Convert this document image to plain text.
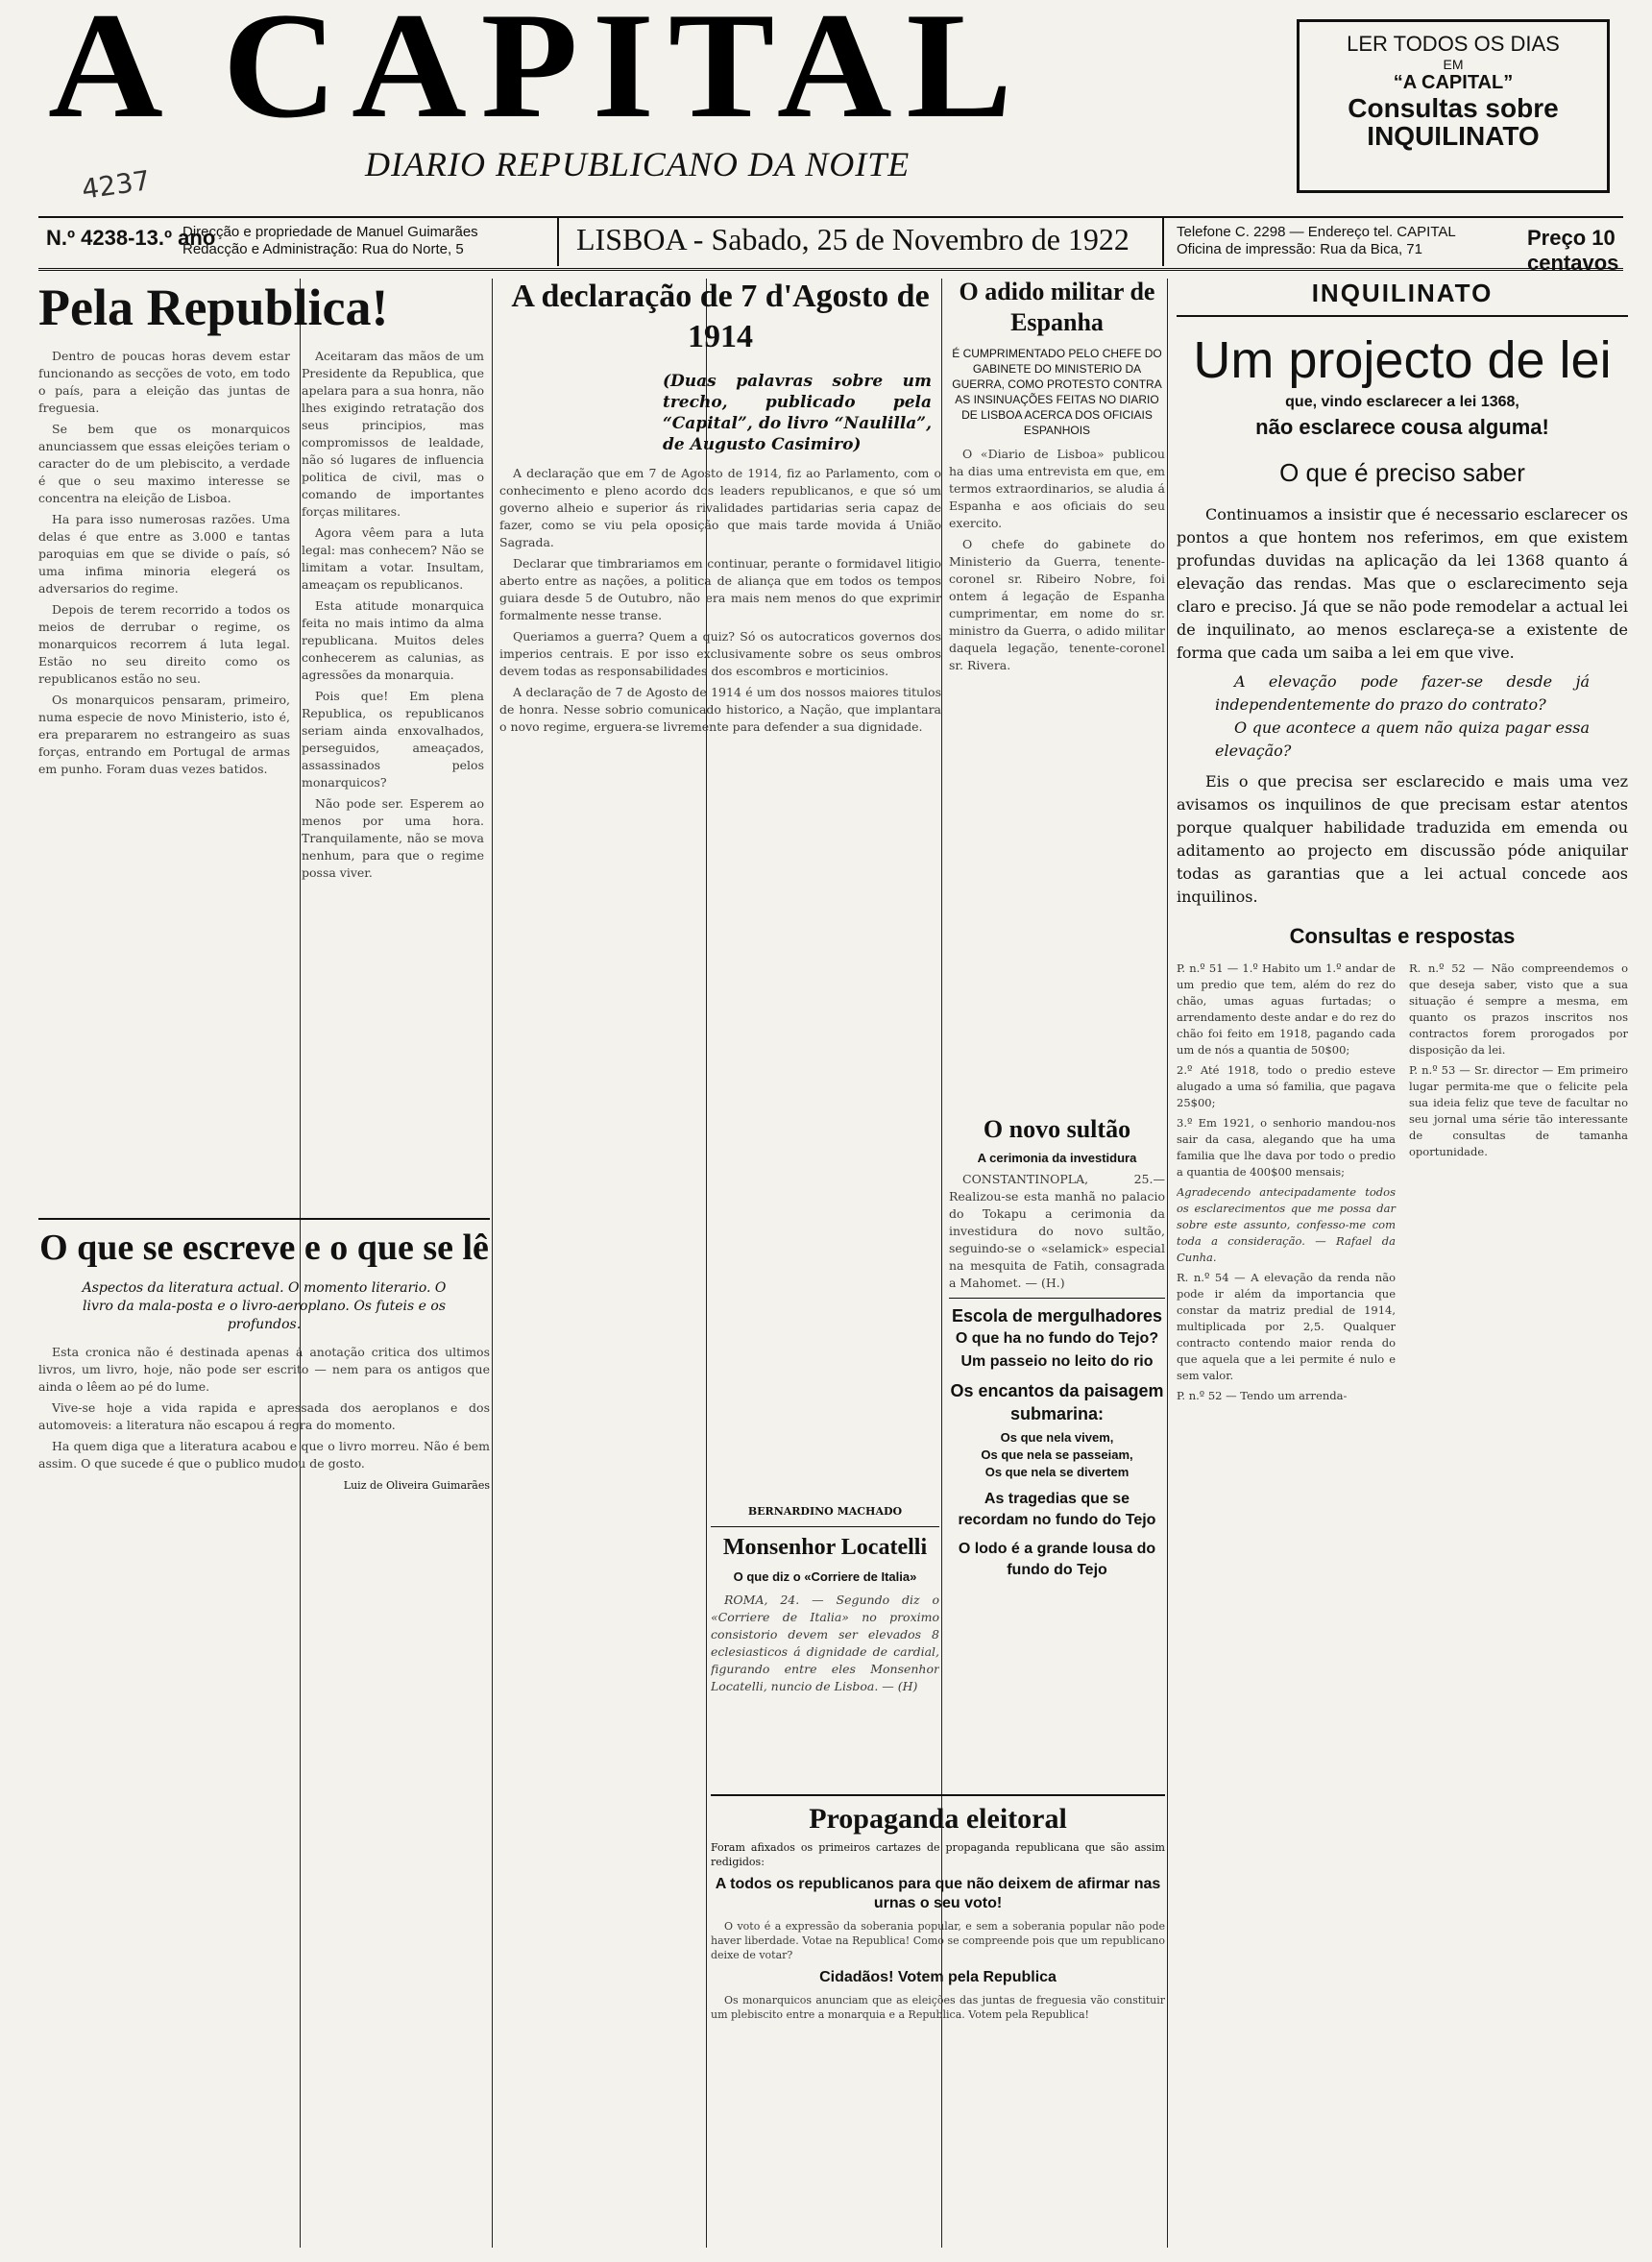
A CAPITAL
DIARIO REPUBLICANO DA NOITE
4237
LER TODOS OS DIAS
EM
“A CAPITAL”
Consultas sobre
INQUILINATO
N.º 4238-13.º ano
Direcção e propriedade de Manuel Guimarães
Redacção e Administração: Rua do Norte, 5	LISBOA - Sabado, 25 de Novembro de 1922	Telefone C. 2298 — Endereço tel. CAPITAL
Oficina de impressão: Rua da Bica, 71	Preço 10 centavos
Pela Republica!

Dentro de poucas horas devem estar funcionando as secções de voto, em todo o país, para a eleição das juntas de freguesia.

Se bem que os monarquicos anunciassem que essas eleições teriam o caracter do de um plebiscito, a verdade é que o seu maximo interesse se concentra na eleição de Lisboa.

Ha para isso numerosas razões. Uma delas é que entre as 3.000 e tantas paroquias em que se divide o país, só uma infima minoria elegerá os adversarios do regime.

Depois de terem recorrido a todos os meios de derrubar o regime, os monarquicos recorrem á luta legal. Estão no seu direito como os republicanos estão no seu.

Os monarquicos pensaram, primeiro, numa especie de novo Ministerio, isto é, era prepararem no estrangeiro as suas forças, entrando em Portugal de armas em punho. Foram duas vezes batidos.

Aceitaram das mãos de um Presidente da Republica, que apelara para a sua honra, não lhes exigindo retratação dos seus principios, mas compromissos de lealdade, não só lugares de influencia politica de civil, mas o comando de importantes forças militares.

Agora vêem para a luta legal: mas conhecem? Não se limitam a votar. Insultam, ameaçam os republicanos.

Esta atitude monarquica feita no mais intimo da alma republicana. Muitos deles conhecerem as calunias, as agressões da monarquia.

Pois que! Em plena Republica, os republicanos seriam ainda enxovalhados, perseguidos, ameaçados, assassinados pelos monarquicos?

Não pode ser. Esperem ao menos por uma hora. Tranquilamente, não se mova nenhum, para que o regime possa viver.

O que se escreve e o que se lê
Aspectos da literatura actual. O momento literario. O livro da mala-posta e o livro-aeroplano. Os futeis e os profundos.

Esta cronica não é destinada apenas á anotação critica dos ultimos livros, um livro, hoje, não pode ser escrito — nem para os antigos que ainda o lêem ao pé do lume.

Vive-se hoje a vida rapida e apressada dos aeroplanos e dos automoveis: a literatura não escapou á regra do momento.

Ha quem diga que a literatura acabou e que o livro morreu. Não é bem assim. O que sucede é que o publico mudou de gosto.

Luiz de Oliveira Guimarães
A declaração de 7 d'Agosto de 1914
(Duas palavras sobre um trecho, publicado pela “Capital”, do livro “Naulilla”, de Augusto Casimiro)

A declaração que em 7 de Agosto de 1914, fiz ao Parlamento, com o conhecimento e pleno acordo dos leaders republicanos, e que só um governo alheio e superior ás rivalidades partidarias seria capaz de fazer, como se viu pela oposição que mais tarde movida á União Sagrada.

Declarar que timbrariamos em continuar, perante o formidavel litigio aberto entre as nações, a politica de aliança que em todos os tempos guiara desde 5 de Outubro, não era mais nem menos do que exprimir formalmente nesse transe.

Queriamos a guerra? Quem a quiz? Só os autocraticos governos dos imperios centrais. E por isso exclusivamente sobre os seus ombros devem todas as responsabilidades dos escombros e morticinios.

A declaração de 7 de Agosto de 1914 é um dos nossos maiores titulos de honra. Nesse sobrio comunicado historico, a Nação, que implantara o novo regime, erguera-se livremente para defender a sua dignidade.

BERNARDINO MACHADO
Monsenhor Locatelli
O que diz o «Corriere de Italia»

ROMA, 24. — Segundo diz o «Corriere de Italia» no proximo consistorio devem ser elevados 8 eclesiasticos á dignidade de cardial, figurando entre eles Monsenhor Locatelli, nuncio de Lisboa. — (H)

O adido militar de Espanha
É CUMPRIMENTADO PELO CHEFE DO GABINETE DO MINISTERIO DA GUERRA, COMO PROTESTO CONTRA AS INSINUAÇÕES FEITAS NO DIARIO DE LISBOA ACERCA DOS OFICIAIS ESPANHOIS

O «Diario de Lisboa» publicou ha dias uma entrevista em que, em termos extraordinarios, se aludia á Espanha e aos oficiais do seu exercito.

O chefe do gabinete do Ministerio da Guerra, tenente-coronel sr. Ribeiro Nobre, foi ontem á legação de Espanha cumprimentar, em nome do sr. ministro da Guerra, o adido militar daquela legação, tenente-coronel sr. Rivera.

O novo sultão
A cerimonia da investidura

CONSTANTINOPLA, 25.— Realizou-se esta manhã no palacio do Tokapu a cerimonia da investidura do novo sultão, seguindo-se o «selamick» especial na mesquita de Fatih, consagrada a Mahomet. — (H.)

Escola de mergulhadores
O que ha no fundo do Tejo?
Um passeio no leito do rio
Os encantos da paisagem submarina:
Os que nela vivem,
Os que nela se passeiam,
Os que nela se divertem
As tragedias que se recordam no fundo do Tejo
O lodo é a grande lousa do fundo do Tejo
Propaganda eleitoral
Foram afixados os primeiros cartazes de propaganda republicana que são assim redigidos:
A todos os republicanos para que não deixem de afirmar nas urnas o seu voto!

O voto é a expressão da soberania popular, e sem a soberania popular não pode haver liberdade. Votae na Republica! Como se compreende pois que um republicano deixe de votar?

Cidadãos! Votem pela Republica

Os monarquicos anunciam que as eleições das juntas de freguesia vão constituir um plebiscito entre a monarquia e a Republica. Votem pela Republica!

INQUILINATO
Um projecto de lei
que, vindo esclarecer a lei 1368,
não esclarece cousa alguma!
O que é preciso saber

Continuamos a insistir que é necessario esclarecer os pontos a que hontem nos referimos, em que existem profundas duvidas na aplicação da lei 1368 quanto á elevação das rendas. Mas que o esclarecimento seja claro e preciso. Já que se não pode remodelar a actual lei de inquilinato, ao menos esclareça-se a existente de forma que cada um saiba a lei em que vive.

A elevação pode fazer-se desde já independentemente do prazo do contrato?

O que acontece a quem não quiza pagar essa elevação?

Eis o que precisa ser esclarecido e mais uma vez avisamos os inquilinos de que precisam estar atentos porque qualquer habilidade traduzida em emenda ou aditamento ao projecto em discussão póde aniquilar todas as garantias que a lei actual concede aos inquilinos.

Consultas e respostas

P. n.º 51 — 1.º Habito um 1.º andar de um predio que tem, além do rez do chão, umas aguas furtadas; o arrendamento deste andar e do rez do chão foi feito em 1918, pagando cada um de nós a quantia de 50$00;

2.º Até 1918, todo o predio esteve alugado a uma só familia, que pagava 25$00;

3.º Em 1921, o senhorio mandou-nos sair da casa, alegando que ha uma familia que lhe dava por todo o predio a quantia de 400$00 mensais;

Agradecendo antecipadamente todos os esclarecimentos que me possa dar sobre este assunto, confesso-me com toda a consideração. — Rafael da Cunha.

R. n.º 54 — A elevação da renda não pode ir além da importancia que constar da matriz predial de 1914, multiplicada por 2,5. Qualquer contracto contendo maior renda do que aquela que a lei permite é nulo e sem valor.

P. n.º 52 — Tendo um arrenda-

R. n.º 52 — Não compreendemos o que deseja saber, visto que a sua situação é sempre a mesma, em quanto os prazos inscritos nos contractos forem prorogados por disposição da lei.

P. n.º 53 — Sr. director — Em primeiro lugar permita-me que o felicite pela sua ideia feliz que teve de facultar no seu jornal uma série tão interessante de consultas de tamanha oportunidade.
